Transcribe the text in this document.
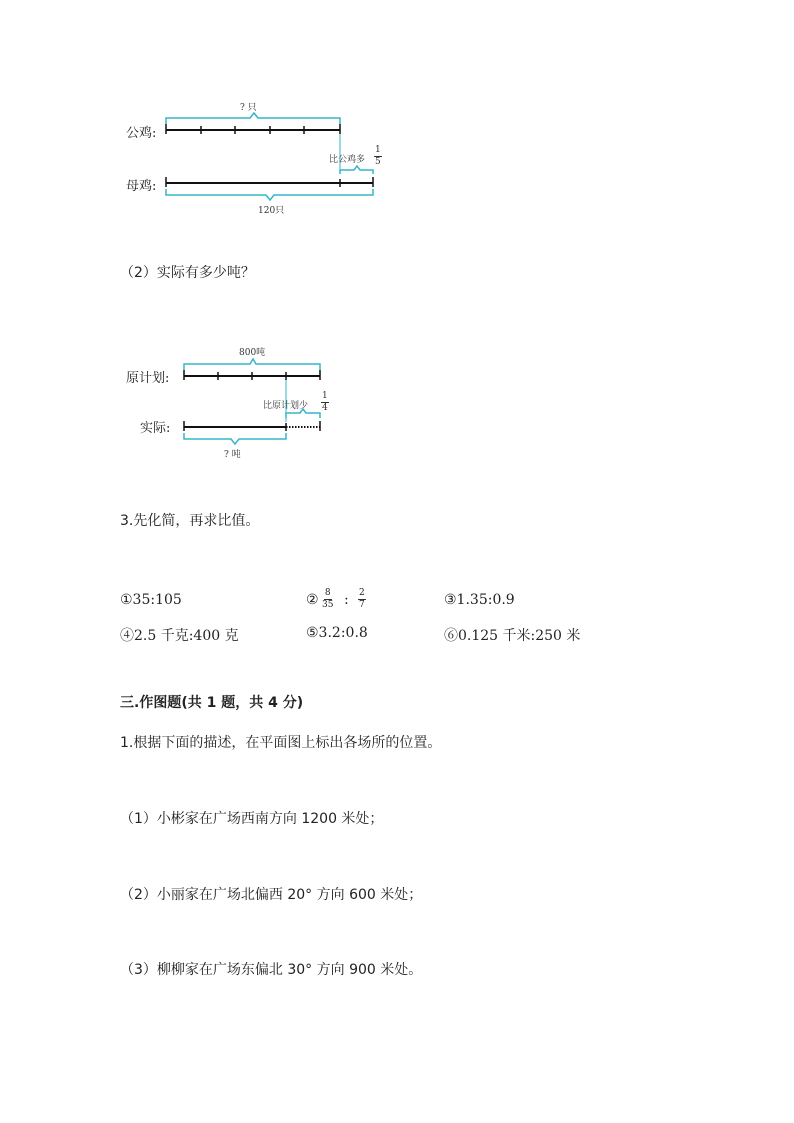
? 只
公鸡:
比公鸡多 $\frac{1}{5}$
母鸡:
120只
（2）实际有多少吨？
800吨
原计划:
比原计划少 $\frac{1}{4}$
实际:
? 吨
3.先化简，再求比值。
①35:105	② $\frac{8}{35}$ : $\frac{2}{7}$	③1.35:0.9
④2.5 千克:400 克	⑤3.2:0.8	⑥0.125 千米:250 米
三.作图题(共 1 题，共 4 分)
1.根据下面的描述，在平面图上标出各场所的位置。
（1）小彬家在广场西南方向 1200 米处；
（2）小丽家在广场北偏西 20° 方向 600 米处；
（3）柳柳家在广场东偏北 30° 方向 900 米处。
